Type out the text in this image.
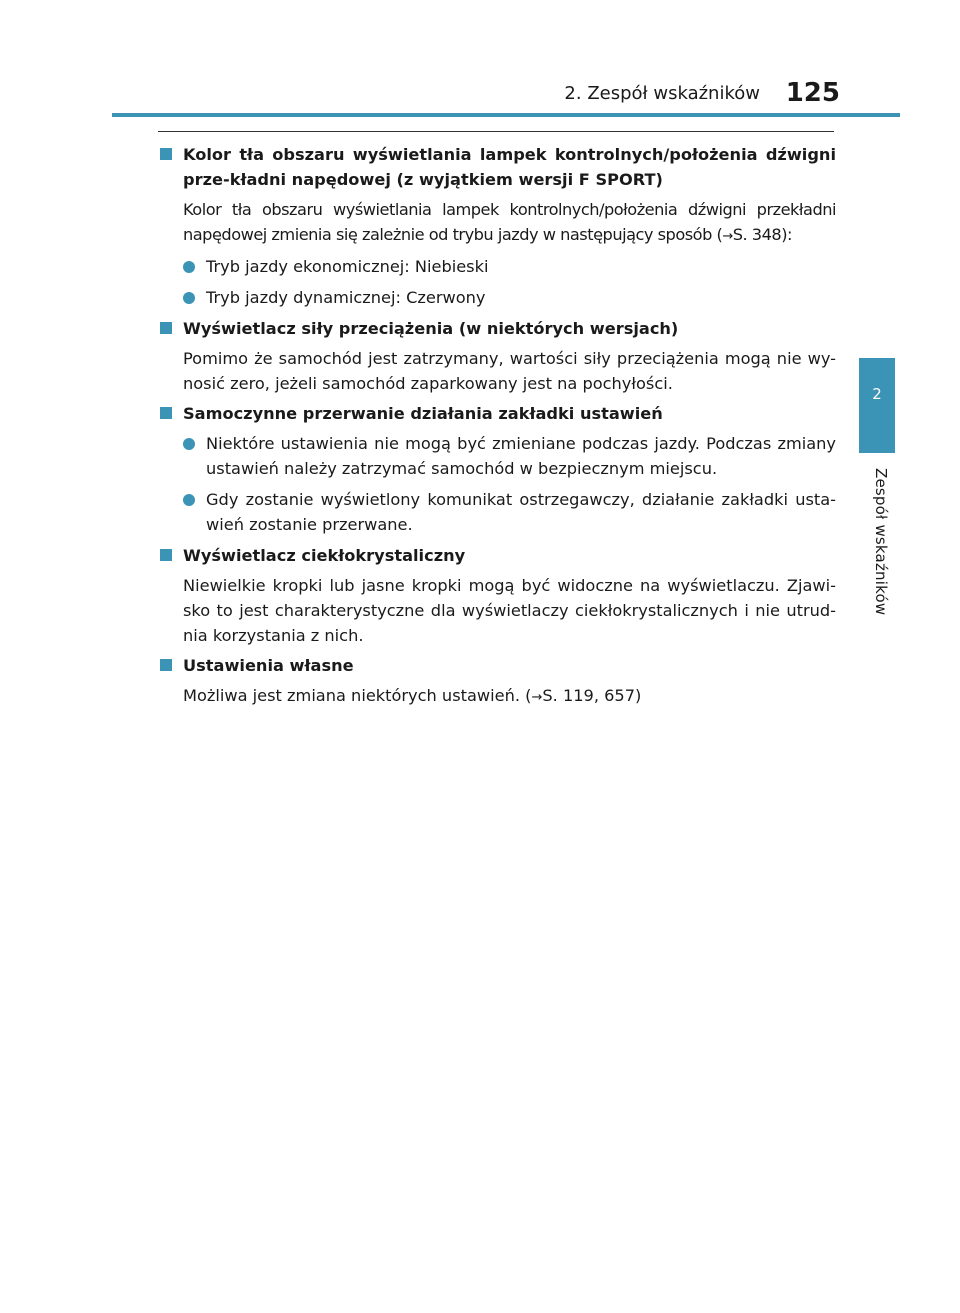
2. Zespół wskaźników 125
2
Zespół wskaźników
Kolor tła obszaru wyświetlania lampek kontrolnych/położenia dźwigni prze-kładni napędowej (z wyjątkiem wersji F SPORT)
Kolor tła obszaru wyświetlania lampek kontrolnych/położenia dźwigni przekładni napędowej zmienia się zależnie od trybu jazdy w następujący sposób (→S. 348):
Tryb jazdy ekonomicznej: Niebieski
Tryb jazdy dynamicznej: Czerwony
Wyświetlacz siły przeciążenia (w niektórych wersjach)
Pomimo że samochód jest zatrzymany, wartości siły przeciążenia mogą nie wy-nosić zero, jeżeli samochód zaparkowany jest na pochyłości.
Samoczynne przerwanie działania zakładki ustawień
Niektóre ustawienia nie mogą być zmieniane podczas jazdy. Podczas zmiany ustawień należy zatrzymać samochód w bezpiecznym miejscu.
Gdy zostanie wyświetlony komunikat ostrzegawczy, działanie zakładki usta-wień zostanie przerwane.
Wyświetlacz ciekłokrystaliczny
Niewielkie kropki lub jasne kropki mogą być widoczne na wyświetlaczu. Zjawi-sko to jest charakterystyczne dla wyświetlaczy ciekłokrystalicznych i nie utrud-nia korzystania z nich.
Ustawienia własne
Możliwa jest zmiana niektórych ustawień. (→S. 119, 657)
